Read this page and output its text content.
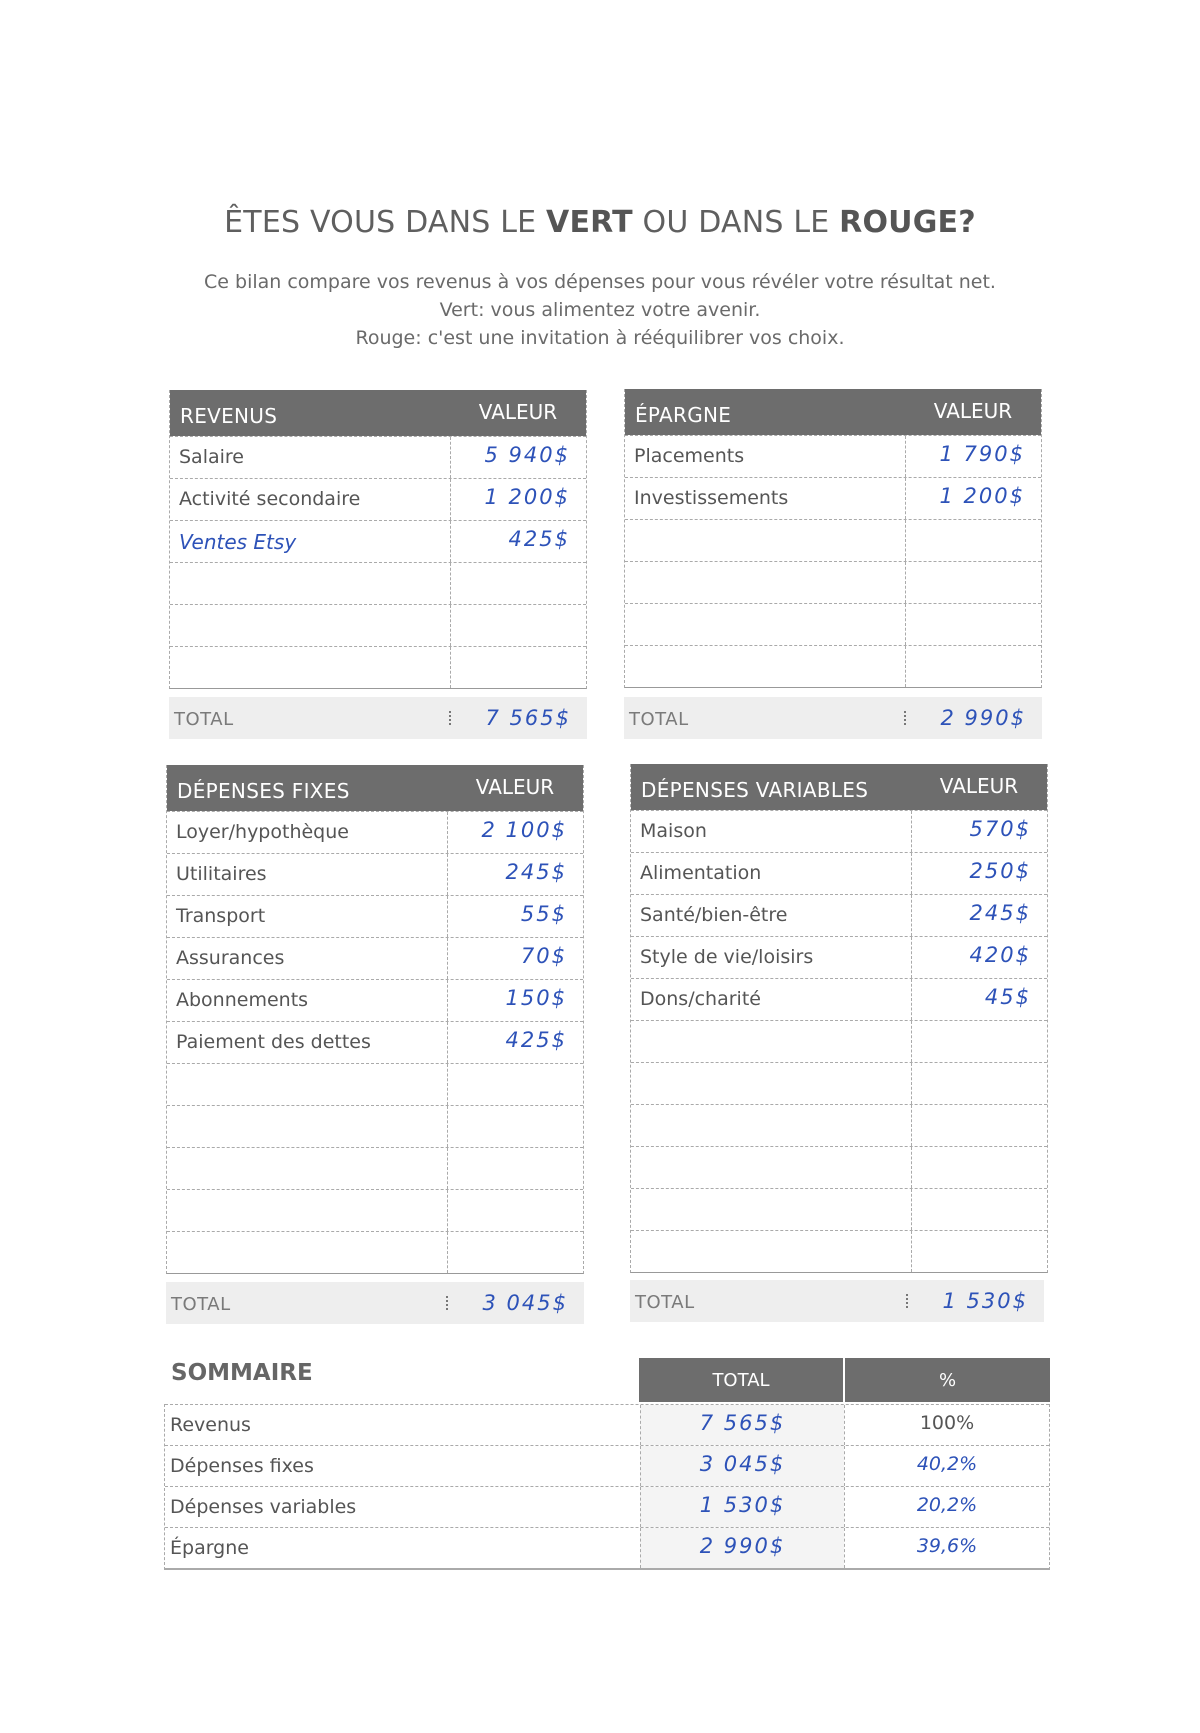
ÊTES VOUS DANS LE VERT OU DANS LE ROUGE?
Ce bilan compare vos revenus à vos dépenses pour vous révéler votre résultat net.
Vert: vous alimentez votre avenir.
Rouge: c'est une invitation à rééquilibrer vos choix.
REVENUS	VALEUR
Salaire	5 940$
Activité secondaire	1 200$
Ventes Etsy	425$
TOTAL	7 565$
ÉPARGNE	VALEUR
Placements	1 790$
Investissements	1 200$
TOTAL	2 990$
DÉPENSES FIXES	VALEUR
Loyer/hypothèque	2 100$
Utilitaires	245$
Transport	55$
Assurances	70$
Abonnements	150$
Paiement des dettes	425$
TOTAL	3 045$
DÉPENSES VARIABLES	VALEUR
Maison	570$
Alimentation	250$
Santé/bien-être	245$
Style de vie/loisirs	420$
Dons/charité	45$
TOTAL	1 530$
SOMMAIRE	TOTAL	%
Revenus	7 565$	100%
Dépenses fixes	3 045$	40,2%
Dépenses variables	1 530$	20,2%
Épargne	2 990$	39,6%
